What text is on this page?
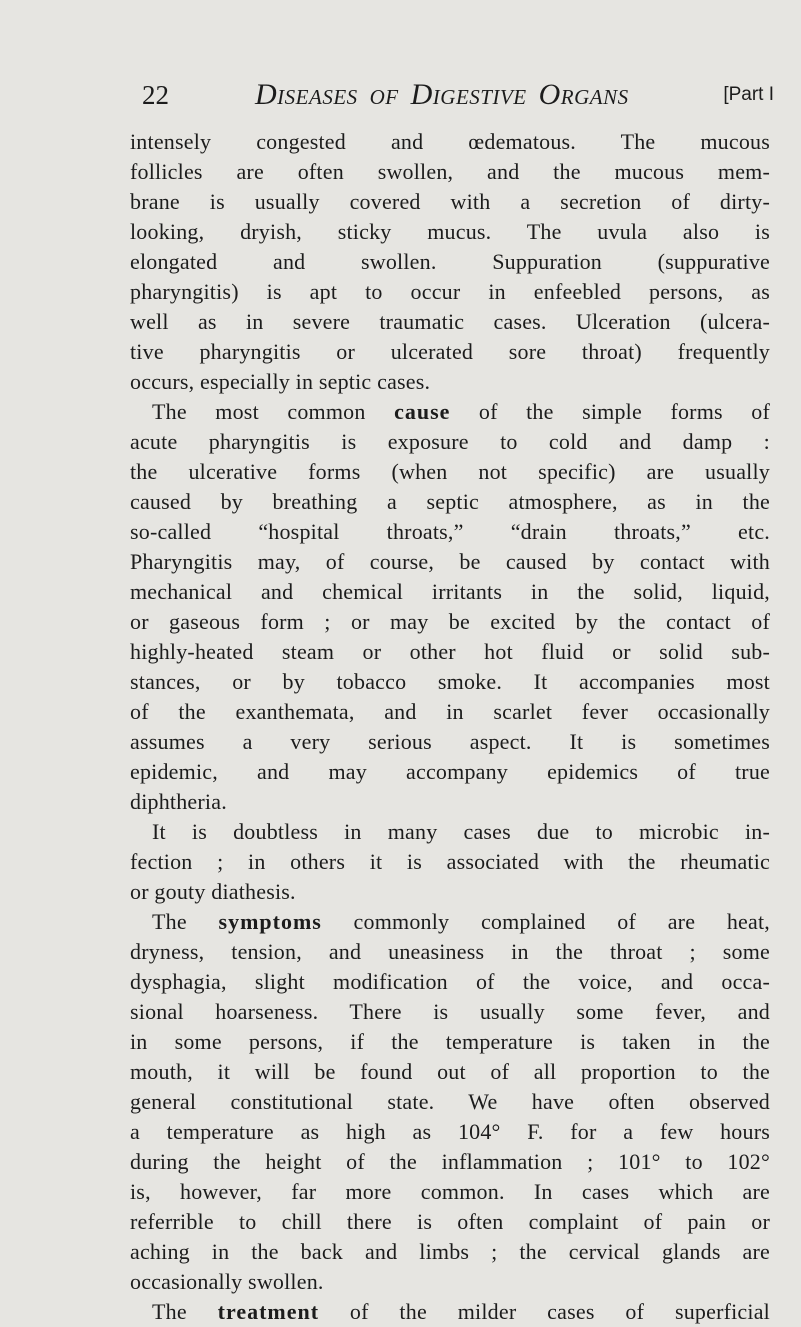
22	Diseases of Digestive Organs	[Part I
intensely congested and œdematous. The mucous
follicles are often swollen, and the mucous mem-
brane is usually covered with a secretion of dirty-
looking, dryish, sticky mucus. The uvula also is
elongated and swollen. Suppuration (suppurative
pharyngitis) is apt to occur in enfeebled persons, as
well as in severe traumatic cases. Ulceration (ulcera-
tive pharyngitis or ulcerated sore throat) frequently
occurs, especially in septic cases.
The most common cause of the simple forms of
acute pharyngitis is exposure to cold and damp :
the ulcerative forms (when not specific) are usually
caused by breathing a septic atmosphere, as in the
so-called “hospital throats,” “drain throats,” etc.
Pharyngitis may, of course, be caused by contact with
mechanical and chemical irritants in the solid, liquid,
or gaseous form ; or may be excited by the contact of
highly-heated steam or other hot fluid or solid sub-
stances, or by tobacco smoke. It accompanies most
of the exanthemata, and in scarlet fever occasionally
assumes a very serious aspect. It is sometimes
epidemic, and may accompany epidemics of true
diphtheria.
It is doubtless in many cases due to microbic in-
fection ; in others it is associated with the rheumatic
or gouty diathesis.
The symptoms commonly complained of are heat,
dryness, tension, and uneasiness in the throat ; some
dysphagia, slight modification of the voice, and occa-
sional hoarseness. There is usually some fever, and
in some persons, if the temperature is taken in the
mouth, it will be found out of all proportion to the
general constitutional state. We have often observed
a temperature as high as 104° F. for a few hours
during the height of the inflammation ; 101° to 102°
is, however, far more common. In cases which are
referrible to chill there is often complaint of pain or
aching in the back and limbs ; the cervical glands are
occasionally swollen.
The treatment of the milder cases of superficial
